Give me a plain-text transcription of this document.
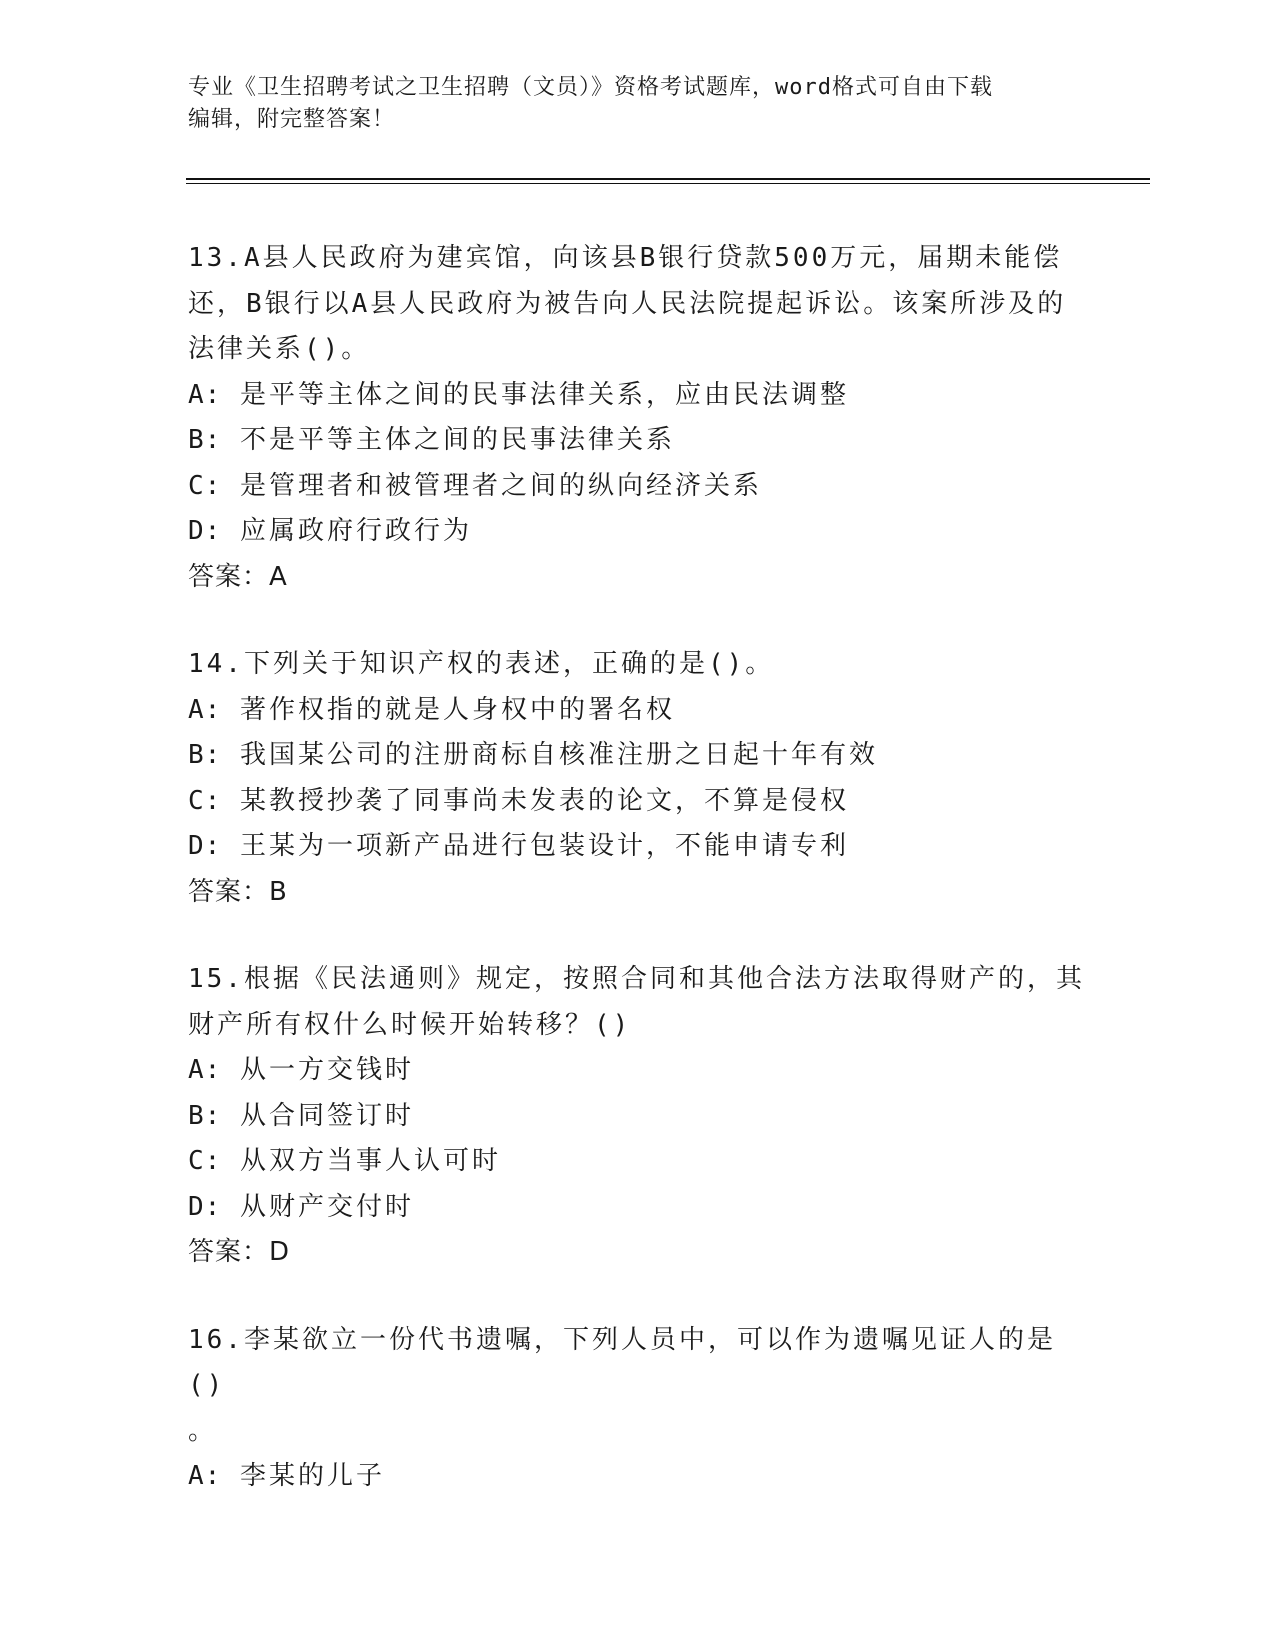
专业《卫生招聘考试之卫生招聘（文员）》资格考试题库，word格式可自由下载
编辑，附完整答案！

13.A县人民政府为建宾馆，向该县B银行贷款500万元，届期未能偿

还，B银行以A县人民政府为被告向人民法院提起诉讼。该案所涉及的

法律关系()。

A: 是平等主体之间的民事法律关系，应由民法调整

B: 不是平等主体之间的民事法律关系

C: 是管理者和被管理者之间的纵向经济关系

D: 应属政府行政行为

答案：A

14.下列关于知识产权的表述，正确的是()。

A: 著作权指的就是人身权中的署名权

B: 我国某公司的注册商标自核准注册之日起十年有效

C: 某教授抄袭了同事尚未发表的论文，不算是侵权

D: 王某为一项新产品进行包装设计，不能申请专利

答案：B

15.根据《民法通则》规定，按照合同和其他合法方法取得财产的，其

财产所有权什么时候开始转移？()

A: 从一方交钱时

B: 从合同签订时

C: 从双方当事人认可时

D: 从财产交付时

答案：D

16.李某欲立一份代书遗嘱，下列人员中，可以作为遗嘱见证人的是()

。

A: 李某的儿子
